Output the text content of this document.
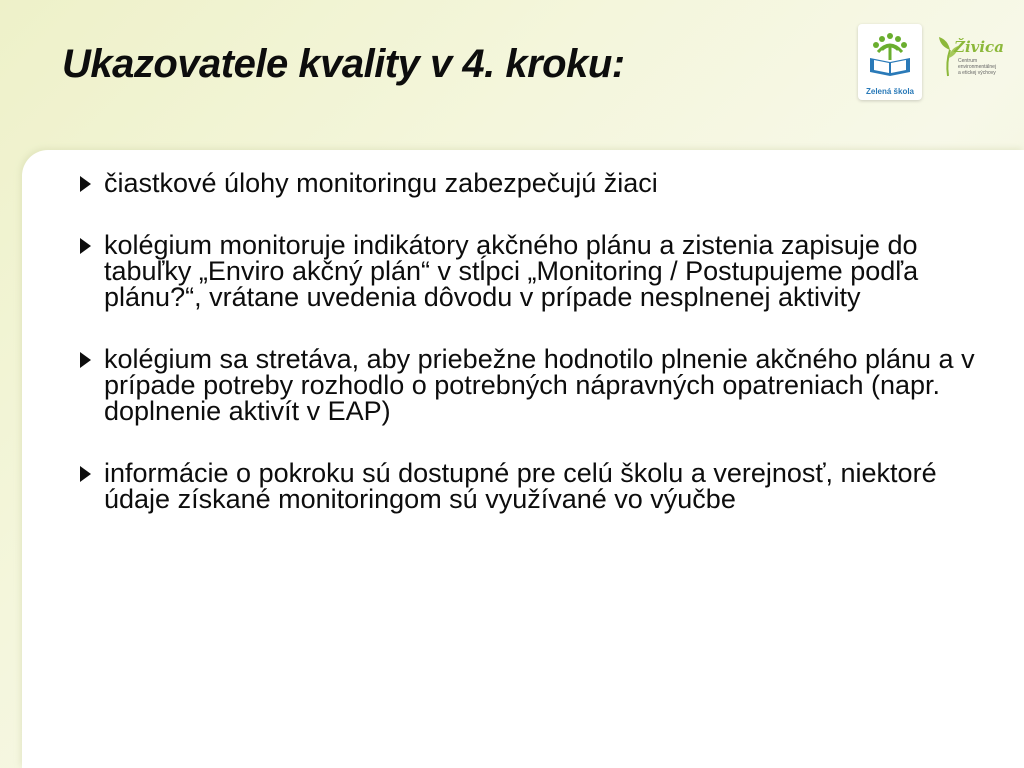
Ukazovatele kvality v 4. kroku:
Zelená škola
Živica
Centrum
environmentálnej
a etickej výchovy
čiastkové úlohy monitoringu zabezpečujú žiaci
kolégium monitoruje indikátory akčného plánu a zistenia zapisuje do tabuľky „Enviro akčný plán“ v stĺpci „Monitoring / Postupujeme podľa plánu?“, vrátane uvedenia dôvodu v prípade nesplnenej aktivity
kolégium sa stretáva, aby priebežne hodnotilo plnenie akčného plánu a v prípade potreby rozhodlo o potrebných nápravných opatreniach (napr. doplnenie aktivít v EAP)
informácie o pokroku sú dostupné pre celú školu a verejnosť, niektoré údaje získané monitoringom sú využívané vo výučbe
